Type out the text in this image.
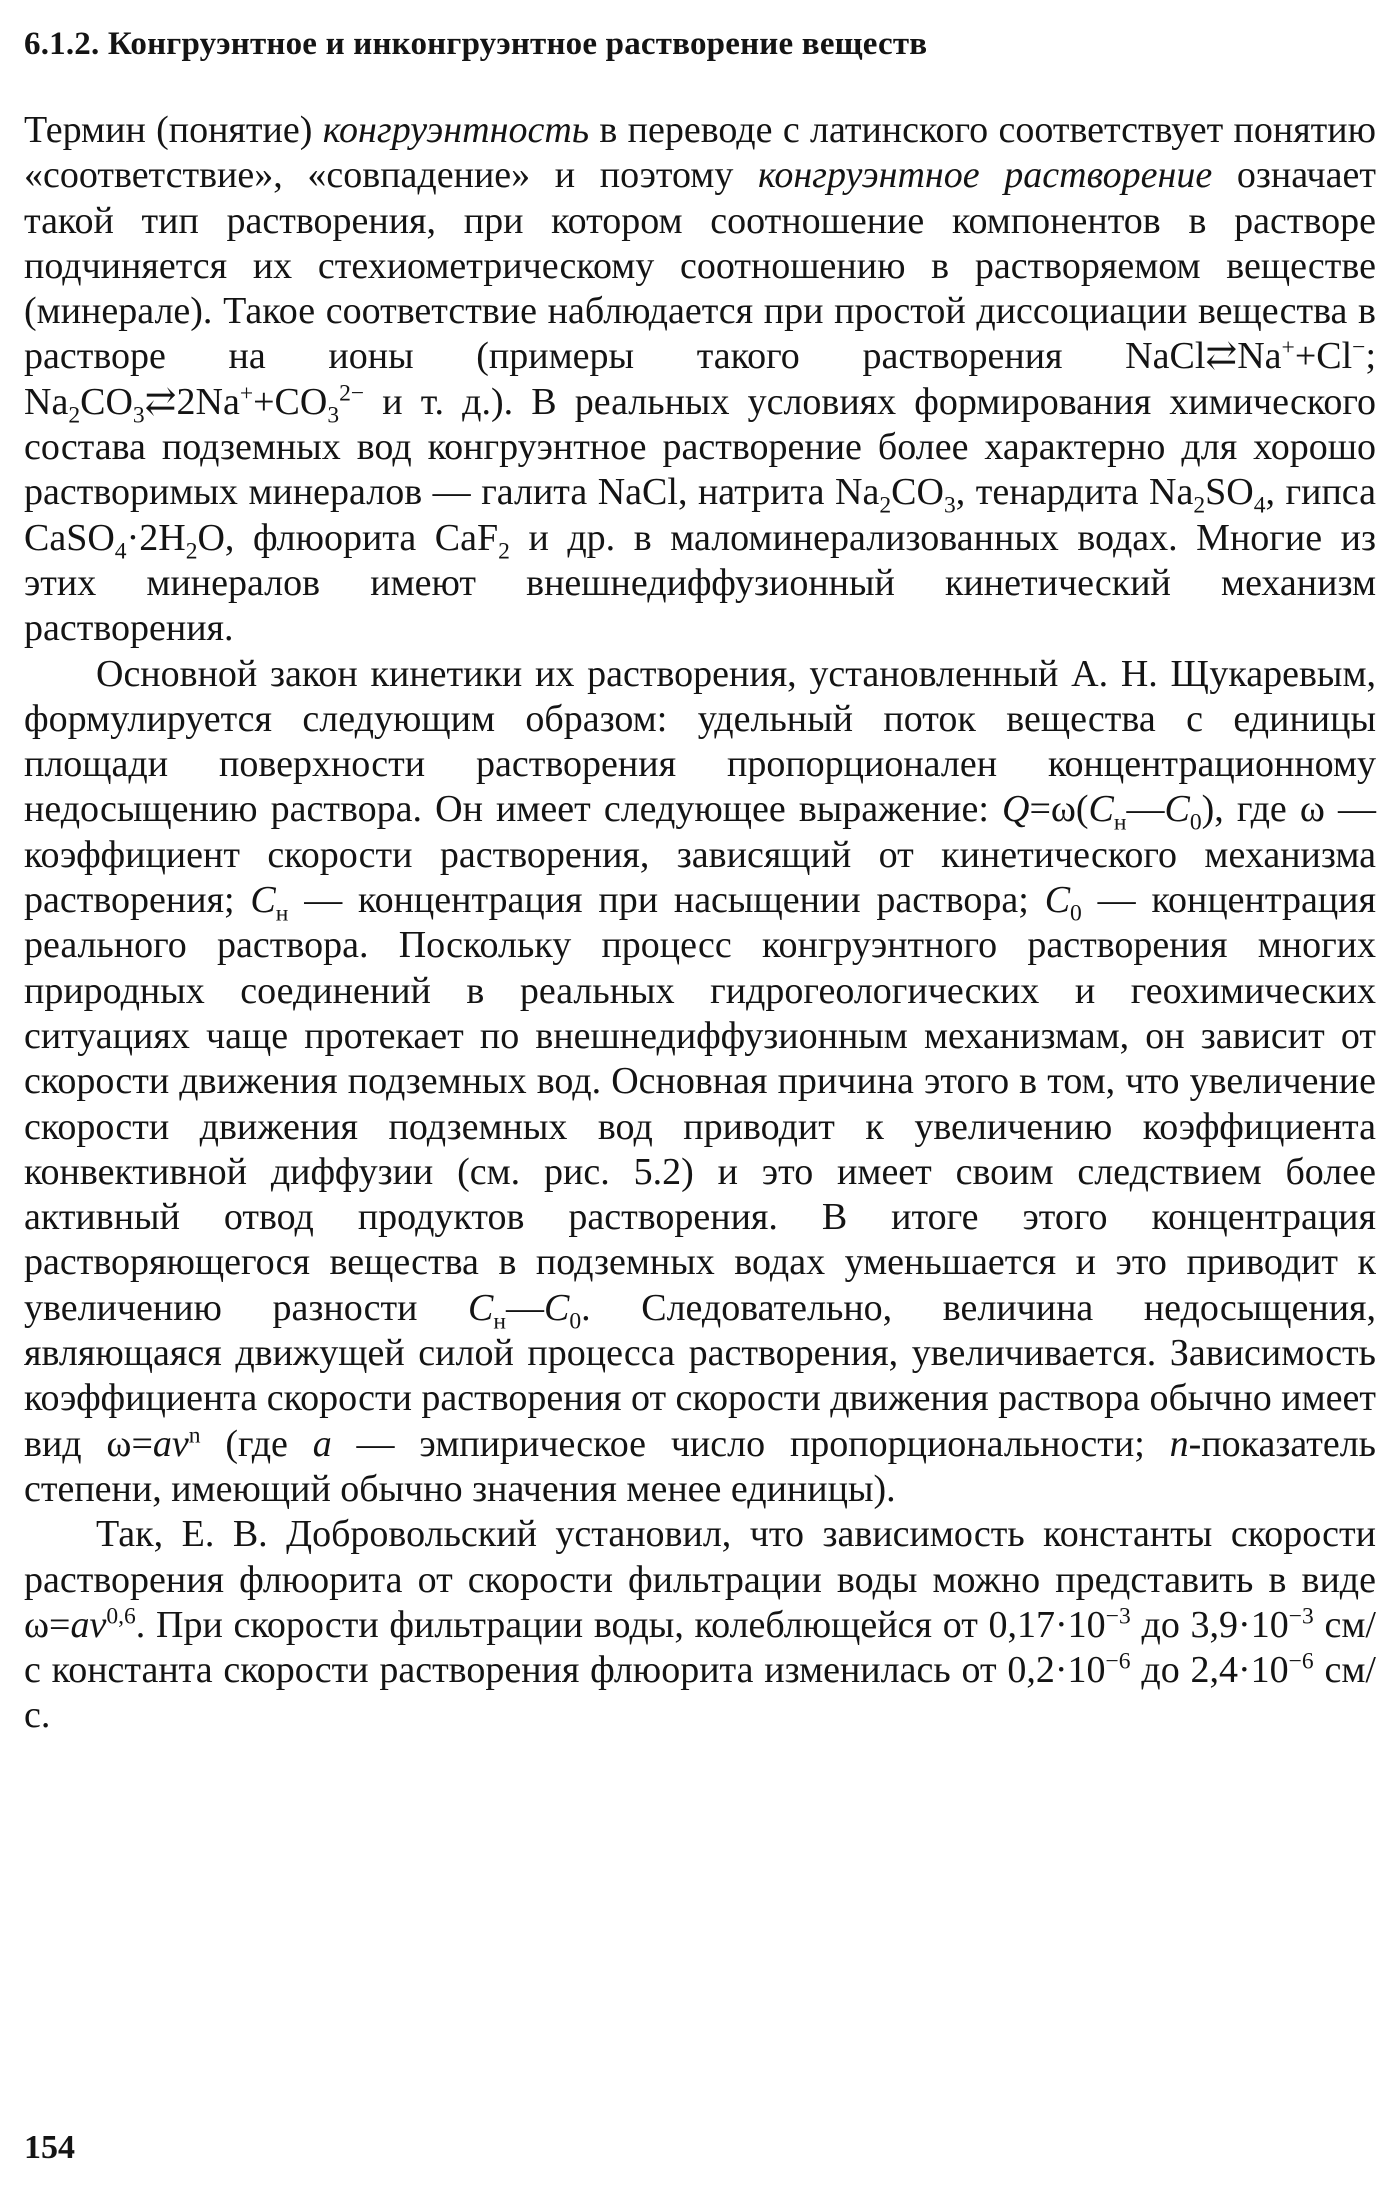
6.1.2. Конгруэнтное и инконгруэнтное растворение веществ

Термин (понятие) конгруэнтность в переводе с латинского соответствует понятию «соответствие», «совпадение» и поэтому конгруэнтное растворение означает такой тип растворения, при котором соотношение компонентов в растворе подчиняется их стехиометрическому соотношению в растворяемом веществе (минерале). Такое соответствие наблюдается при простой диссоциации вещества в растворе на ионы (примеры такого растворения NaCl⇄Na++Cl−; $Na_2CO_3⇄2Na^++CO_3^{2-}$ и т. д.). В реальных условиях формирования химического состава подземных вод конгруэнтное растворение более характерно для хорошо растворимых минералов — галита NaCl, натрита $Na_2CO_3$, тенардита $Na_2SO_4$, гипса $CaSO_4\cdot 2H_2O$, флюорита CaF$_2$ и др. в маломинерализованных водах. Многие из этих минералов имеют внешнедиффузионный кинетический механизм растворения.

Основной закон кинетики их растворения, установленный А. Н. Щукаревым, формулируется следующим образом: удельный поток вещества с единицы площади поверхности растворения пропорционален концентрационному недосыщению раствора. Он имеет следующее выражение: $Q=\omega(C_н—C_0)$, где ω — коэффициент скорости растворения, зависящий от кинетического механизма растворения; $C_н$ — концентрация при насыщении раствора; $C_0$ — концентрация реального раствора. Поскольку процесс конгруэнтного растворения многих природных соединений в реальных гидрогеологических и геохимических ситуациях чаще протекает по внешнедиффузионным механизмам, он зависит от скорости движения подземных вод. Основная причина этого в том, что увеличение скорости движения подземных вод приводит к увеличению коэффициента конвективной диффузии (см. рис. 5.2) и это имеет своим следствием более активный отвод продуктов растворения. В итоге этого концентрация растворяющегося вещества в подземных водах уменьшается и это приводит к увеличению разности $C_н—C_0$. Следовательно, величина недосыщения, являющаяся движущей силой процесса растворения, увеличивается. Зависимость коэффициента скорости растворения от скорости движения раствора обычно имеет вид $\omega=av^n$ (где a — эмпирическое число пропорциональности; n-показатель степени, имеющий обычно значения менее единицы).

Так, Е. В. Добровольский установил, что зависимость константы скорости растворения флюорита от скорости фильтрации воды можно представить в виде ω=av$^{0,6}$. При скорости фильтрации воды, колеблющейся от $0,17\cdot 10^{-3}$ до $3,9\cdot 10^{-3}$ см/с константа скорости растворения флюорита изменилась от $0,2\cdot 10^{-6}$ до $2,4\cdot 10^{-6}$ см/с.

154
